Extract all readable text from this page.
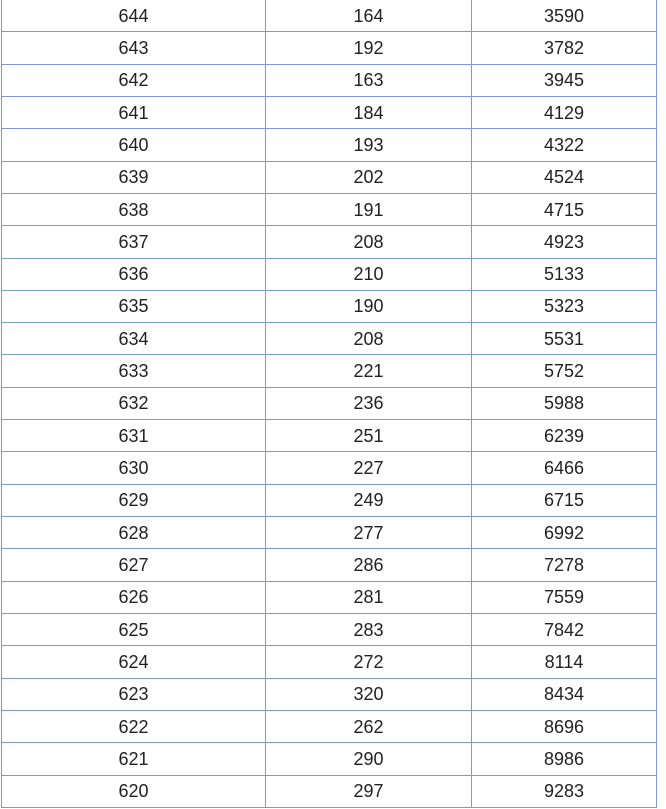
644	164	3590
643	192	3782
642	163	3945
641	184	4129
640	193	4322
639	202	4524
638	191	4715
637	208	4923
636	210	5133
635	190	5323
634	208	5531
633	221	5752
632	236	5988
631	251	6239
630	227	6466
629	249	6715
628	277	6992
627	286	7278
626	281	7559
625	283	7842
624	272	8114
623	320	8434
622	262	8696
621	290	8986
620	297	9283
